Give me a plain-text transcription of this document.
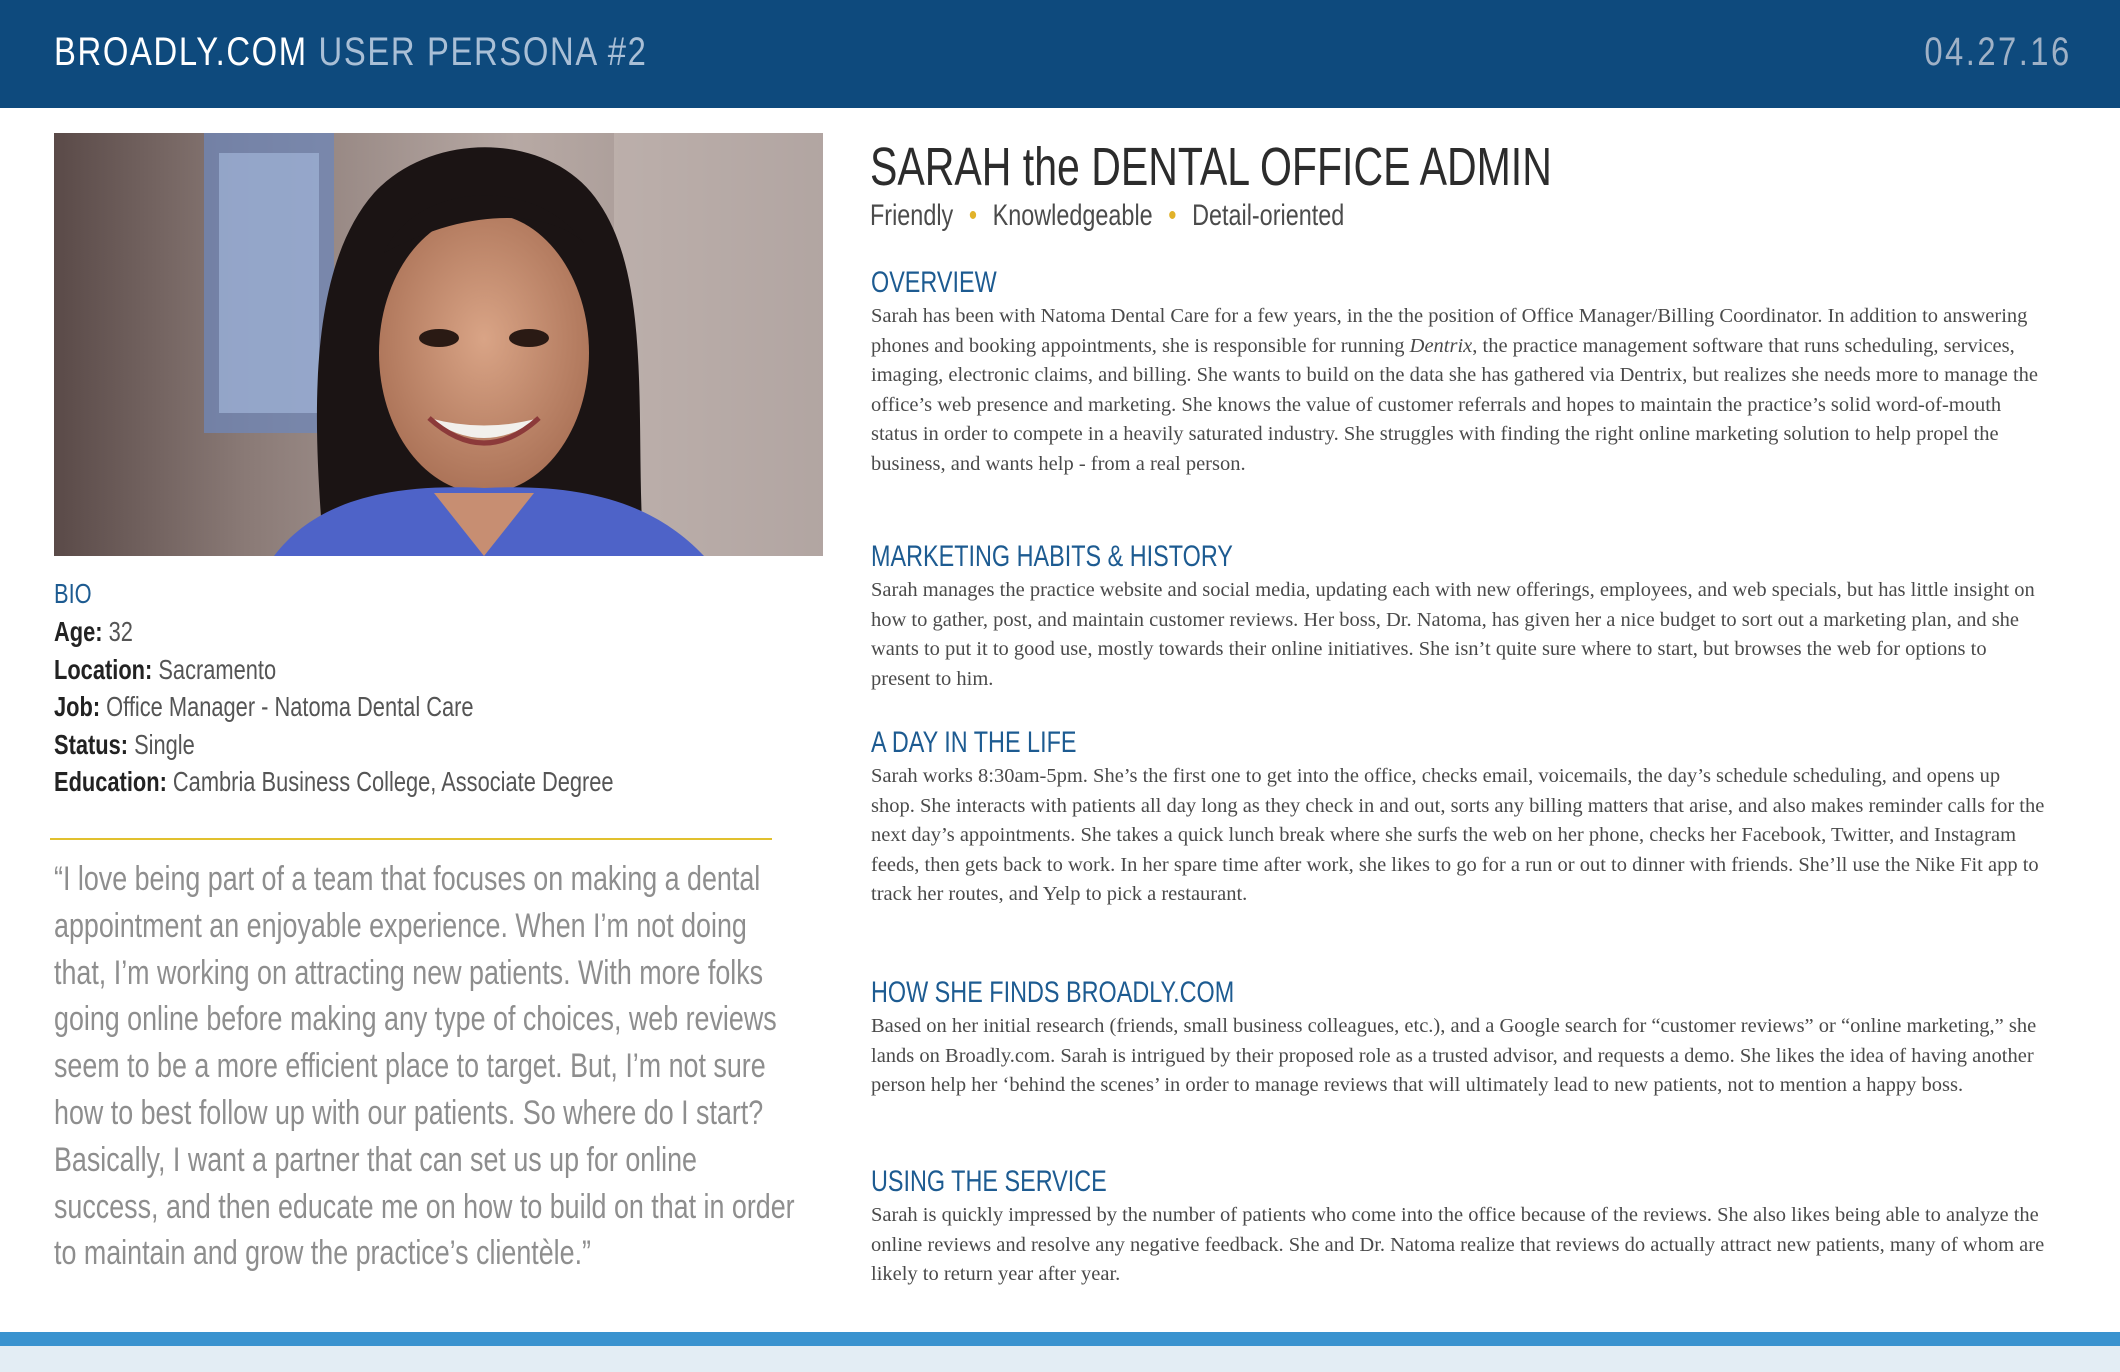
BROADLY.COM USER PERSONA #2	04.27.16
BIO
Age: 32
Location: Sacramento
Job: Office Manager - Natoma Dental Care
Status: Single
Education: Cambria Business College, Associate Degree
“I love being part of a team that focuses on making a dental appointment an enjoyable experience. When I’m not doing that, I’m working on attracting new patients. With more folks going online before making any type of choices, web reviews seem to be a more efficient place to target. But, I’m not sure how to best follow up with our patients. So where do I start? Basically, I want a partner that can set us up for online success, and then educate me on how to build on that in order to maintain and grow the practice’s clientèle.”
SARAH the DENTAL OFFICE ADMIN
Friendly • Knowledgeable • Detail-oriented
OVERVIEW

Sarah has been with Natoma Dental Care for a few years, in the the position of Office Manager/Billing Coordinator. In addition to answering phones and booking appointments, she is responsible for running Dentrix, the practice management software that runs scheduling, services, imaging, electronic claims, and billing. She wants to build on the data she has gathered via Dentrix, but realizes she needs more to manage the office’s web presence and marketing. She knows the value of customer referrals and hopes to maintain the practice’s solid word-of-mouth status in order to compete in a heavily saturated industry. She struggles with finding the right online marketing solution to help propel the business, and wants help - from a real person.

MARKETING HABITS & HISTORY

Sarah manages the practice website and social media, updating each with new offerings, employees, and web specials, but has little insight on how to gather, post, and maintain customer reviews. Her boss, Dr. Natoma, has given her a nice budget to sort out a marketing plan, and she wants to put it to good use, mostly towards their online initiatives. She isn’t quite sure where to start, but browses the web for options to present to him.

A DAY IN THE LIFE

Sarah works 8:30am-5pm. She’s the first one to get into the office, checks email, voicemails, the day’s schedule scheduling, and opens up shop. She interacts with patients all day long as they check in and out, sorts any billing matters that arise, and also makes reminder calls for the next day’s appointments. She takes a quick lunch break where she surfs the web on her phone, checks her Facebook, Twitter, and Instagram feeds, then gets back to work. In her spare time after work, she likes to go for a run or out to dinner with friends. She’ll use the Nike Fit app to track her routes, and Yelp to pick a restaurant.

HOW SHE FINDS BROADLY.COM

Based on her initial research (friends, small business colleagues, etc.), and a Google search for “customer reviews” or “online marketing,” she lands on Broadly.com. Sarah is intrigued by their proposed role as a trusted advisor, and requests a demo. She likes the idea of having another person help her ‘behind the scenes’ in order to manage reviews that will ultimately lead to new patients, not to mention a happy boss.

USING THE SERVICE

Sarah is quickly impressed by the number of patients who come into the office because of the reviews. She also likes being able to analyze the online reviews and resolve any negative feedback. She and Dr. Natoma realize that reviews do actually attract new patients, many of whom are likely to return year after year.
